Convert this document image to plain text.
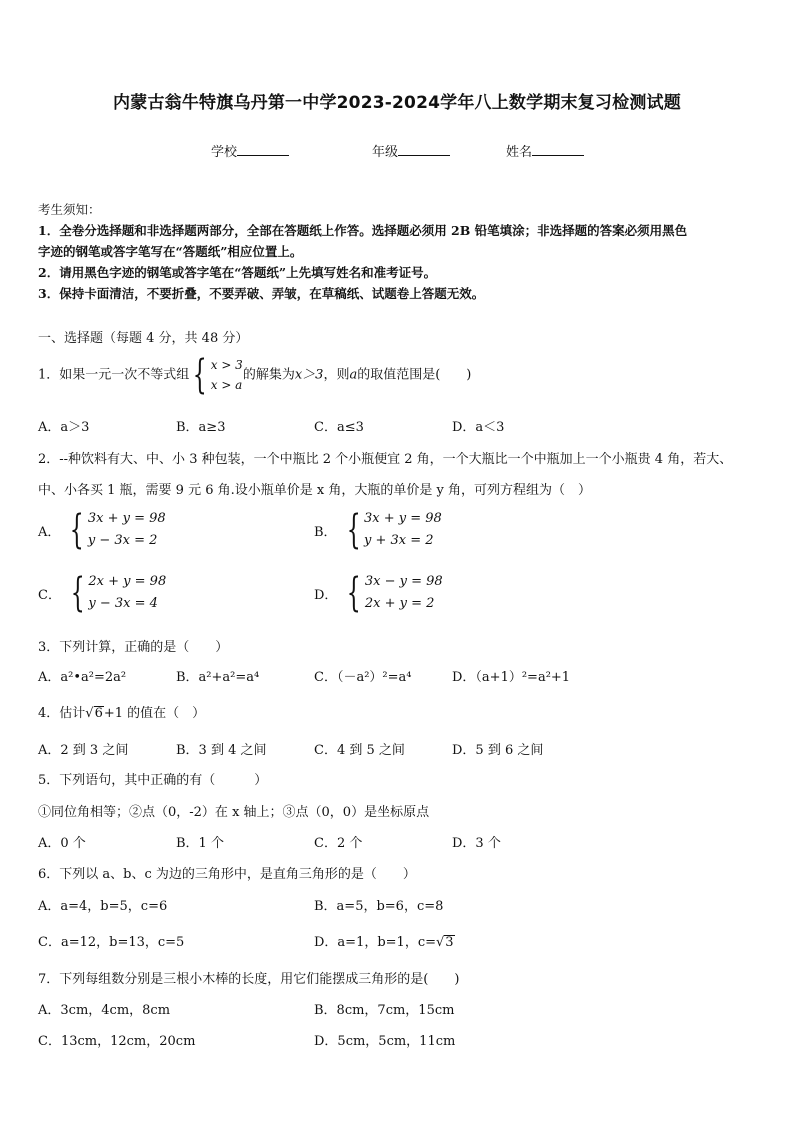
内蒙古翁牛特旗乌丹第一中学2023-2024学年八上数学期末复习检测试题
学校	年级	姓名
考生须知：
1．全卷分选择题和非选择题两部分，全部在答题纸上作答。选择题必须用 2B 铅笔填涂；非选择题的答案必须用黑色
字迹的钢笔或答字笔写在“答题纸”相应位置上。
2．请用黑色字迹的钢笔或答字笔在“答题纸”上先填写姓名和准考证号。
3．保持卡面清洁，不要折叠，不要弄破、弄皱，在草稿纸、试题卷上答题无效。
一、选择题（每题 4 分，共 48 分）
1．如果一元一次不等式组 { x > 3
x > a
的解集为x＞3，则a的取值范围是(　　)
A．a＞3	B．a≥3	C．a≤3	D．a＜3
2．--种饮料有大、中、小 3 种包装，一个中瓶比 2 个小瓶便宜 2 角，一个大瓶比一个中瓶加上一个小瓶贵 4 角，若大、
中、小各买 1 瓶，需要 9 元 6 角.设小瓶单价是 x 角，大瓶的单价是 y 角，可列方程组为（　）
A． { 3x + y = 98
y − 3x = 2
B． { 3x + y = 98
y + 3x = 2
C． { 2x + y = 98
y − 3x = 4
D． { 3x − y = 98
2x + y = 2
3．下列计算，正确的是（　　）
A．a²•a²=2a²	B．a²+a²=a⁴	C．（－a²）²=a⁴	D．（a+1）²=a²+1
4．估计√6+1 的值在（　）
A．2 到 3 之间	B．3 到 4 之间	C．4 到 5 之间	D．5 到 6 之间
5．下列语句，其中正确的有（　　　）
①同位角相等；②点（0，-2）在 x 轴上；③点（0，0）是坐标原点
A．0 个	B．1 个	C．2 个	D．3 个
6．下列以 a、b、c 为边的三角形中，是直角三角形的是（　　）
A．a=4，b=5，c=6	B．a=5，b=6，c=8
C．a=12，b=13，c=5	D．a=1，b=1，c=√3
7．下列每组数分别是三根小木棒的长度，用它们能摆成三角形的是(　　)
A．3cm，4cm，8cm	B．8cm，7cm，15cm
C．13cm，12cm，20cm	D．5cm，5cm，11cm
